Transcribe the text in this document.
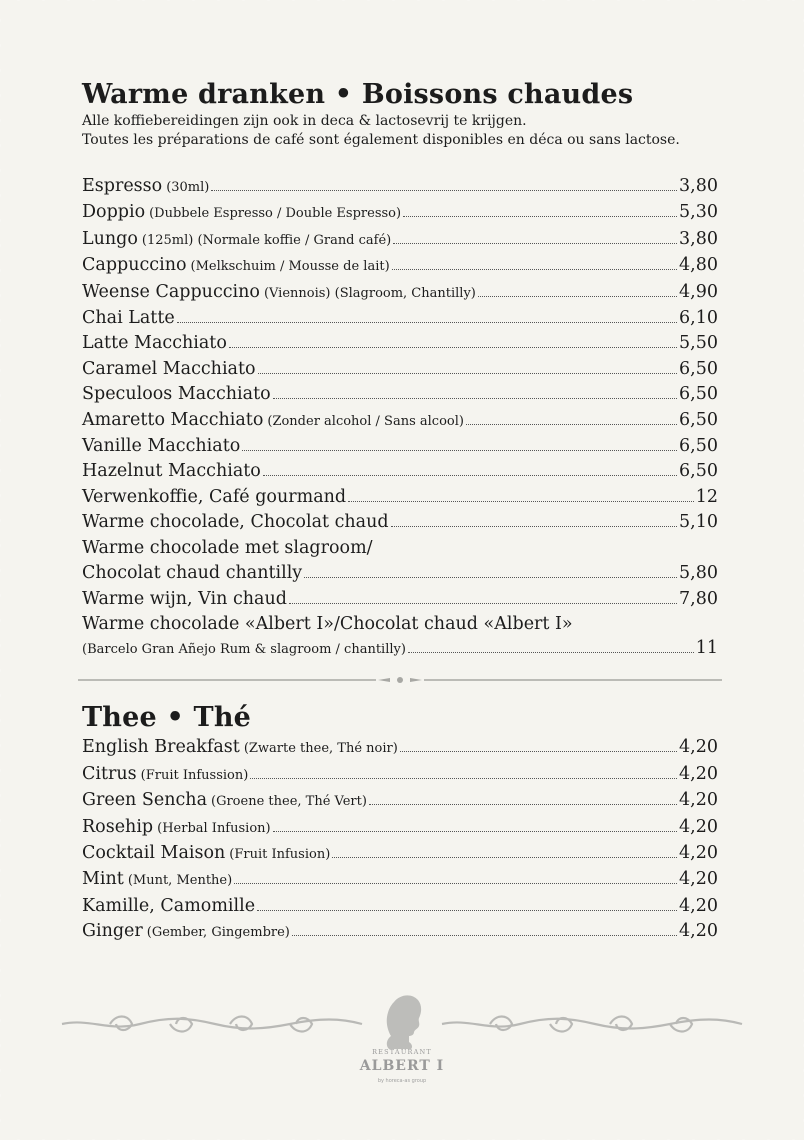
Warme dranken • Boissons chaudes
Alle koffiebereidingen zijn ook in deca & lactosevrij te krijgen.
Toutes les préparations de café sont également disponibles en déca ou sans lactose.
Espresso (30ml)	3,80
Doppio (Dubbele Espresso / Double Espresso)	5,30
Lungo (125ml) (Normale koffie / Grand café)	3,80
Cappuccino (Melkschuim / Mousse de lait)	4,80
Weense Cappuccino (Viennois) (Slagroom, Chantilly)	4,90
Chai Latte	6,10
Latte Macchiato	5,50
Caramel Macchiato	6,50
Speculoos Macchiato	6,50
Amaretto Macchiato (Zonder alcohol / Sans alcool)	6,50
Vanille Macchiato	6,50
Hazelnut Macchiato	6,50
Verwenkoffie, Café gourmand	12
Warme chocolade, Chocolat chaud	5,10
Warme chocolade met slagroom/
Chocolat chaud chantilly	5,80
Warme wijn, Vin chaud	7,80
Warme chocolade «Albert I»/Chocolat chaud «Albert I»
(Barcelo Gran Añejo Rum & slagroom / chantilly)	11
Thee • Thé
English Breakfast (Zwarte thee, Thé noir)	4,20
Citrus (Fruit Infussion)	4,20
Green Sencha (Groene thee, Thé Vert)	4,20
Rosehip (Herbal Infusion)	4,20
Cocktail Maison (Fruit Infusion)	4,20
Mint (Munt, Menthe)	4,20
Kamille, Camomille	4,20
Ginger (Gember, Gingembre)	4,20
RESTAURANT
ALBERT I
by horeca-as group
